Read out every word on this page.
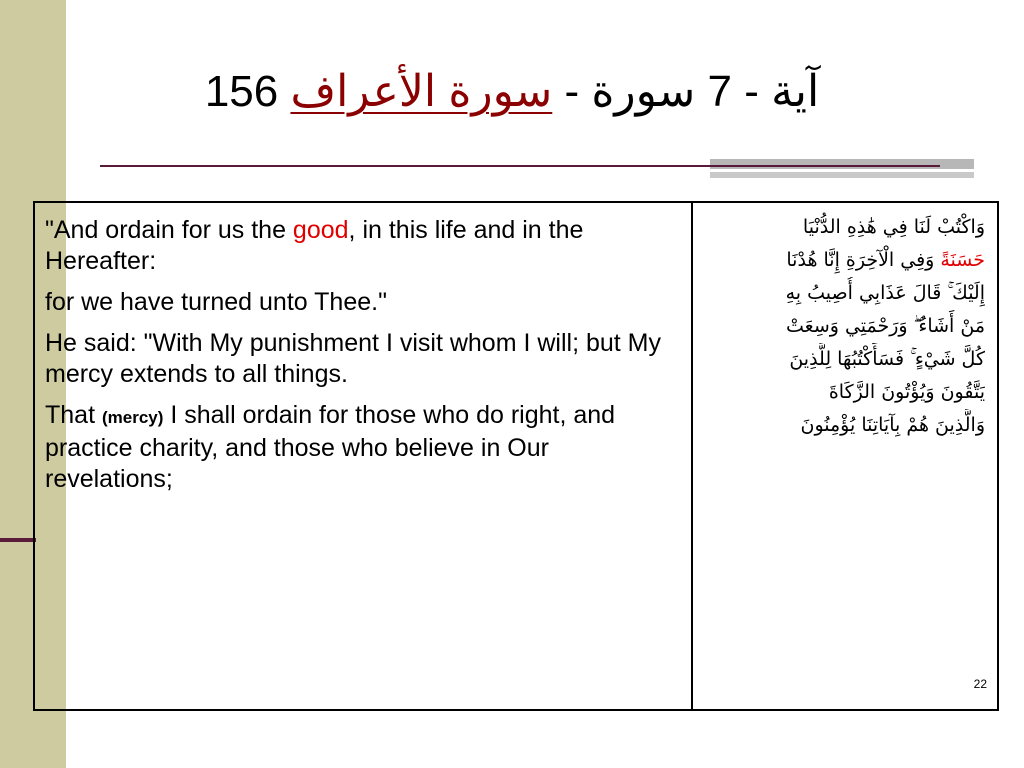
156 آية - 7 سورة - سورة الأعراف

"And ordain for us the good, in this life and in the Hereafter:

for we have turned unto Thee."

He said: "With My punishment I visit whom I will; but My mercy extends to all things.

That (mercy) I shall ordain for those who do right, and practice charity, and those who believe in Our revelations;

وَاكْتُبْ لَنَا فِي هَٰذِهِ الدُّنْيَا
حَسَنَةً وَفِي الْآخِرَةِ إِنَّا هُدْنَا
إِلَيْكَ ۚ قَالَ عَذَابِي أُصِيبُ بِهِ
مَنْ أَشَاءُ ۖ وَرَحْمَتِي وَسِعَتْ
كُلَّ شَيْءٍ ۚ فَسَأَكْتُبُهَا لِلَّذِينَ
يَتَّقُونَ وَيُؤْتُونَ الزَّكَاةَ
وَالَّذِينَ هُمْ بِآيَاتِنَا يُؤْمِنُونَ
22
